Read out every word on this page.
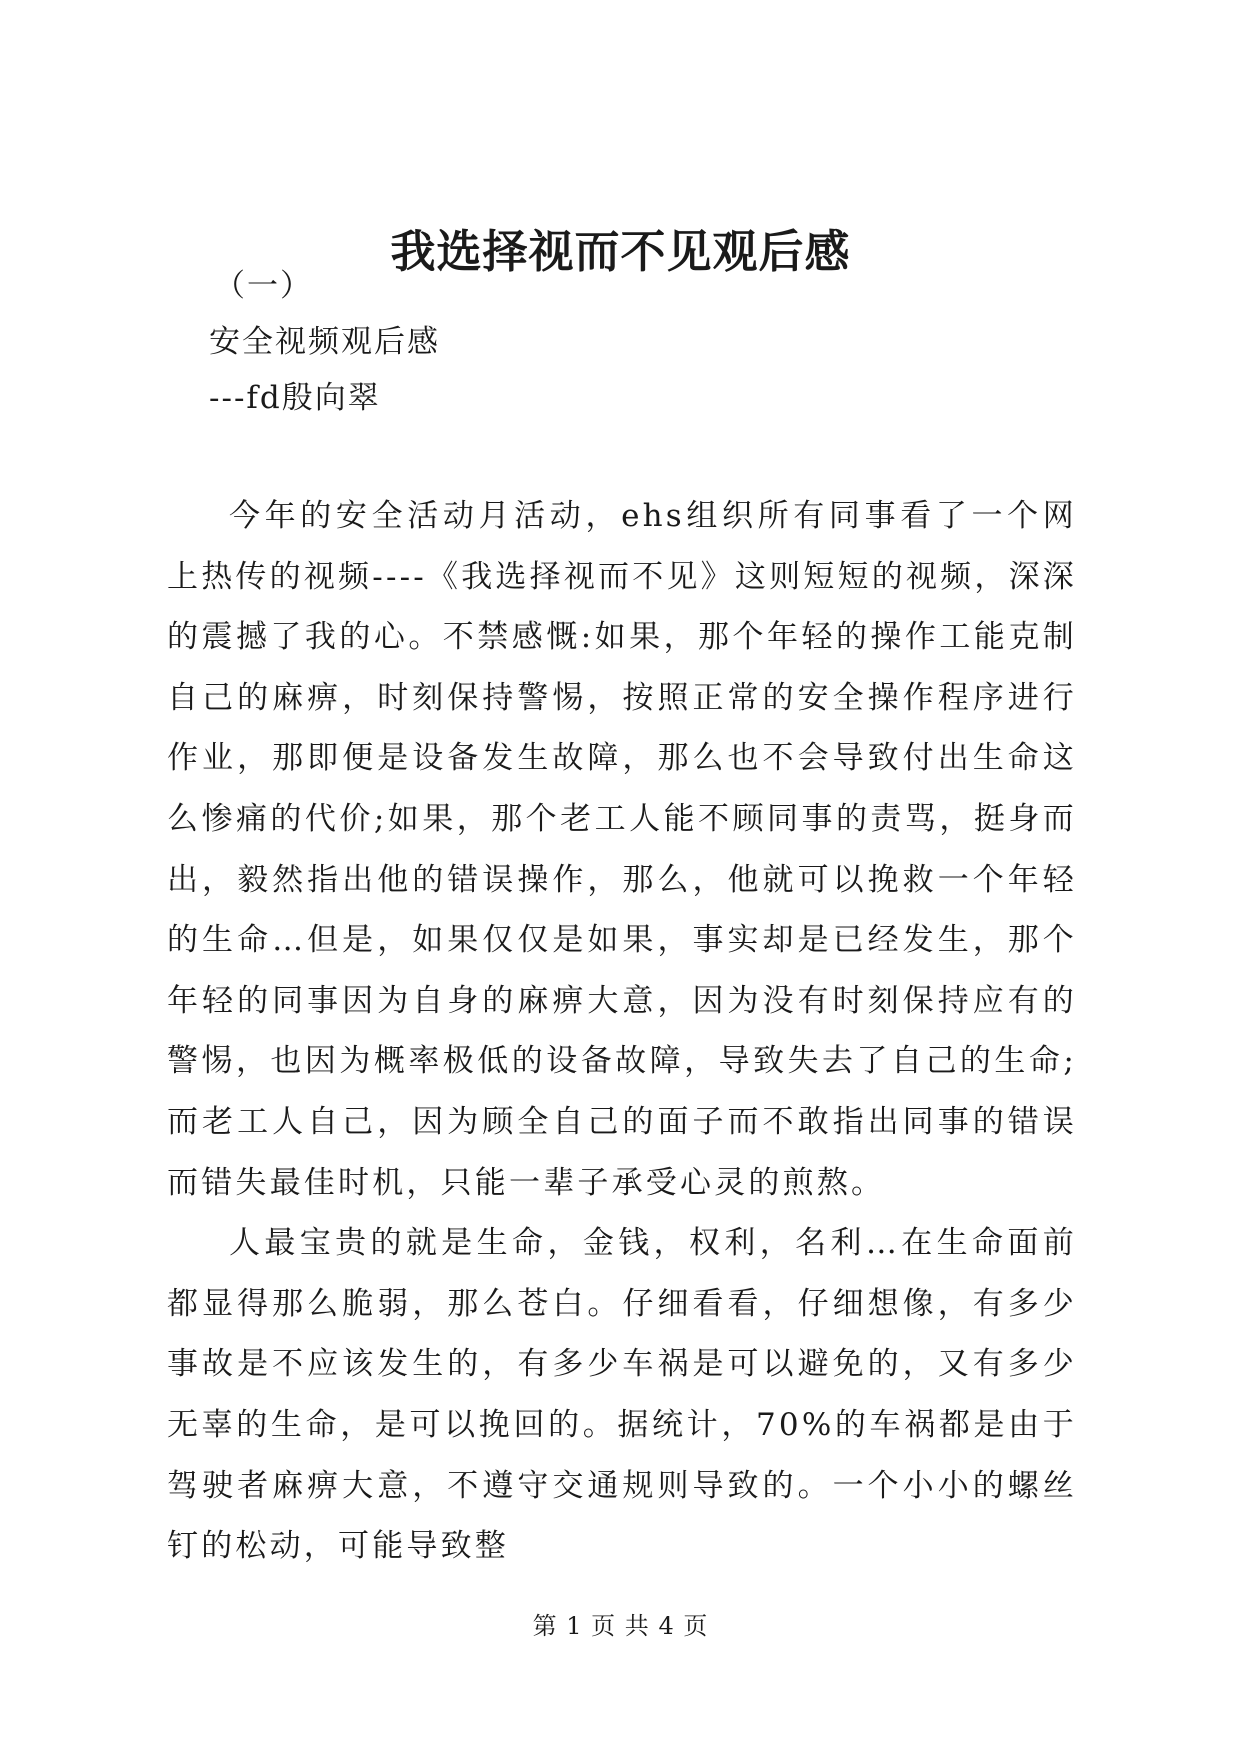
我选择视而不见观后感
（一）
安全视频观后感
---fd殷向翠

今年的安全活动月活动，ehs组织所有同事看了一个网上热传的视频----《我选择视而不见》这则短短的视频，深深的震撼了我的心。不禁感慨:如果，那个年轻的操作工能克制自己的麻痹，时刻保持警惕，按照正常的安全操作程序进行作业，那即便是设备发生故障，那么也不会导致付出生命这么惨痛的代价;如果，那个老工人能不顾同事的责骂，挺身而出，毅然指出他的错误操作，那么，他就可以挽救一个年轻的生命…但是，如果仅仅是如果，事实却是已经发生，那个年轻的同事因为自身的麻痹大意，因为没有时刻保持应有的警惕，也因为概率极低的设备故障，导致失去了自己的生命;而老工人自己，因为顾全自己的面子而不敢指出同事的错误而错失最佳时机，只能一辈子承受心灵的煎熬。

人最宝贵的就是生命，金钱，权利，名利…在生命面前都显得那么脆弱，那么苍白。仔细看看，仔细想像，有多少事故是不应该发生的，有多少车祸是可以避免的，又有多少无辜的生命，是可以挽回的。据统计，70%的车祸都是由于驾驶者麻痹大意，不遵守交通规则导致的。一个小小的螺丝钉的松动，可能导致整

第 1 页 共 4 页
